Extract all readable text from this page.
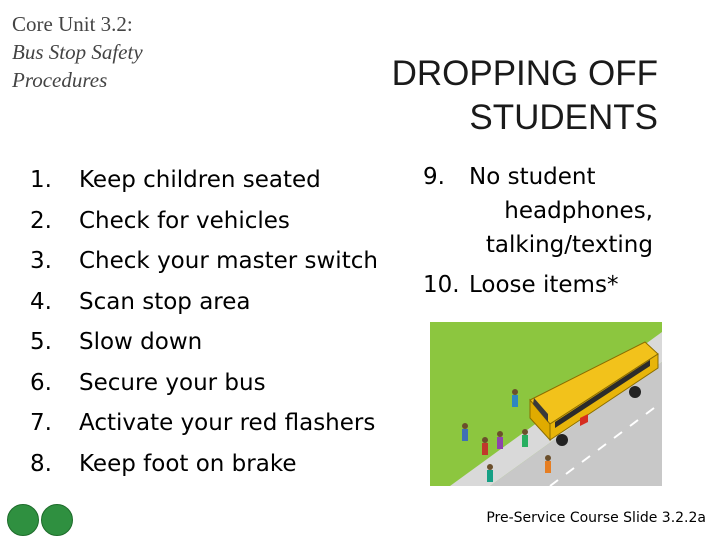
Core Unit 3.2:
Bus Stop Safety
Procedures	DROPPING OFF
STUDENTS
1.	Keep children seated
2.	Check for vehicles
3.	Check your master switch
4.	Scan stop area
5.	Slow down
6.	Secure your bus
7.	Activate your red flashers
8.	Keep foot on brake
9.	No student
headphones,
talking/texting
10. Loose items*
Pre-Service Course Slide 3.2.2a
